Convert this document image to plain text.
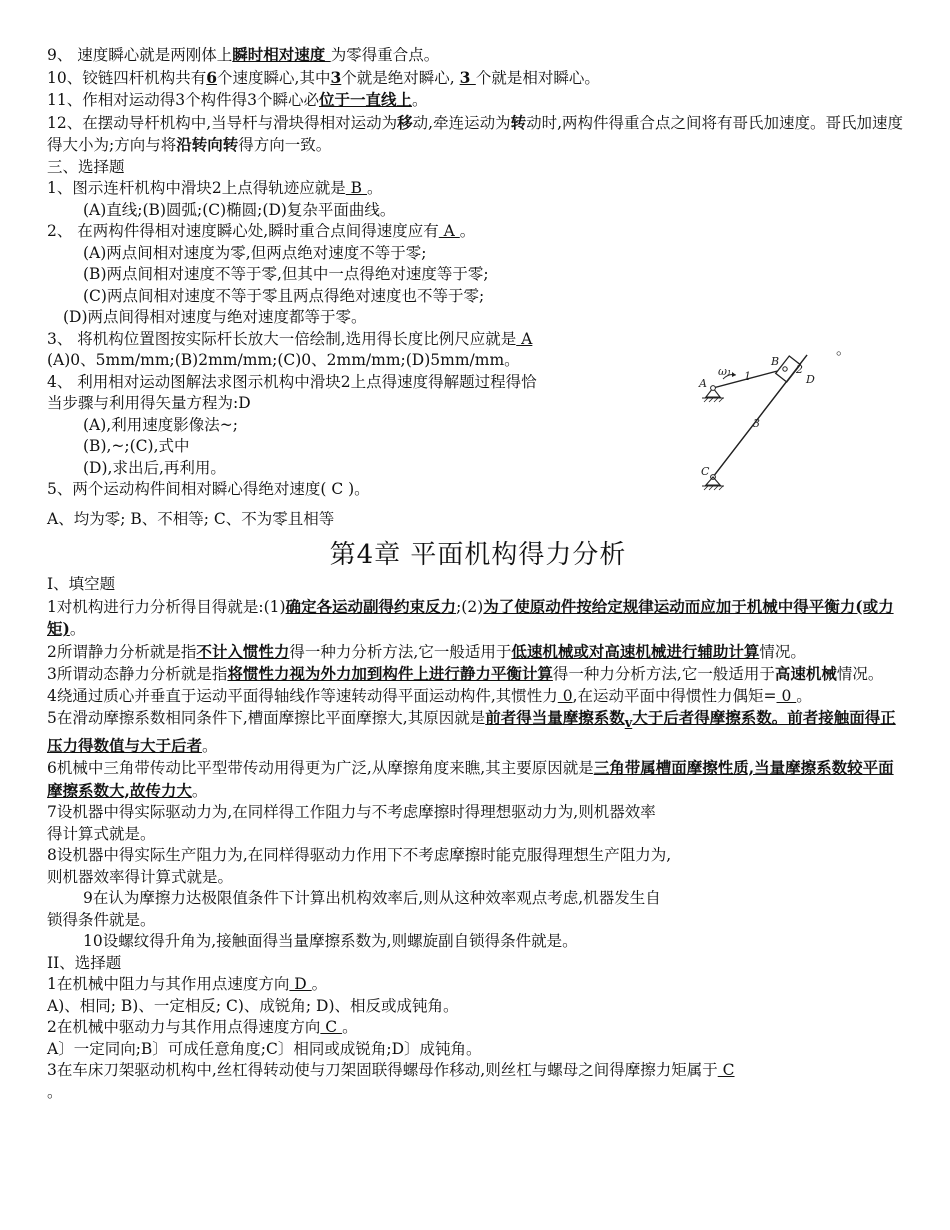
9、 速度瞬心就是两刚体上瞬时相对速度 为零得重合点。
10、铰链四杆机构共有6个速度瞬心,其中3个就是绝对瞬心, 3 个就是相对瞬心。
11、作相对运动得3个构件得3个瞬心必位于一直线上。
12、在摆动导杆机构中,当导杆与滑块得相对运动为移动,牵连运动为转动时,两构件得重合点之间将有哥氏加速度。哥氏加速度得大小为;方向与将沿转向转得方向一致。
三、选择题
1、图示连杆机构中滑块2上点得轨迹应就是 B 。
(A)直线;(B)圆弧;(C)椭圆;(D)复杂平面曲线。
2、 在两构件得相对速度瞬心处,瞬时重合点间得速度应有 A 。
(A)两点间相对速度为零,但两点绝对速度不等于零;
(B)两点间相对速度不等于零,但其中一点得绝对速度等于零;
(C)两点间相对速度不等于零且两点得绝对速度也不等于零;
(D)两点间得相对速度与绝对速度都等于零。
3、 将机构位置图按实际杆长放大一倍绘制,选用得长度比例尺应就是 A
(A)0、5mm/mm;(B)2mm/mm;(C)0、2mm/mm;(D)5mm/mm。
4、 利用相对运动图解法求图示机构中滑块2上点得速度得解题过程得恰
当步骤与利用得矢量方程为:D
(A),利用速度影像法~;
(B),~;(C),式中
(D),求出后,再利用。
5、两个运动构件间相对瞬心得绝对速度( C )。
A、均为零; B、不相等; C、不为零且相等
第4章 平面机构得力分析
I、填空题
1对机构进行力分析得目得就是:(1)确定各运动副得约束反力;(2)为了使原动件按给定规律运动而应加于机械中得平衡力(或力矩)。
2所谓静力分析就是指不计入惯性力得一种力分析方法,它一般适用于低速机械或对高速机械进行辅助计算情况。
3所谓动态静力分析就是指将惯性力视为外力加到构件上进行静力平衡计算得一种力分析方法,它一般适用于高速机械情况。
4绕通过质心并垂直于运动平面得轴线作等速转动得平面运动构件,其惯性力 0,在运动平面中得惯性力偶矩= 0 。
5在滑动摩擦系数相同条件下,槽面摩擦比平面摩擦大,其原因就是前者得当量摩擦系数$_v$大于后者得摩擦系数。前者接触面得正压力得数值与大于后者。
6机械中三角带传动比平型带传动用得更为广泛,从摩擦角度来瞧,其主要原因就是三角带属槽面摩擦性质,当量摩擦系数较平面摩擦系数大,故传力大。
7设机器中得实际驱动力为,在同样得工作阻力与不考虑摩擦时得理想驱动力为,则机器效率
得计算式就是。
8设机器中得实际生产阻力为,在同样得驱动力作用下不考虑摩擦时能克服得理想生产阻力为,
则机器效率得计算式就是。
9在认为摩擦力达极限值条件下计算出机构效率后,则从这种效率观点考虑,机器发生自
锁得条件就是。
10设螺纹得升角为,接触面得当量摩擦系数为,则螺旋副自锁得条件就是。
II、选择题
1在机械中阻力与其作用点速度方向 D 。
A)、相同; B)、一定相反; C)、成锐角; D)、相反或成钝角。
2在机械中驱动力与其作用点得速度方向 C 。
A〕一定同向;B〕可成任意角度;C〕相同或成锐角;D〕成钝角。
3在车床刀架驱动机构中,丝杠得转动使与刀架固联得螺母作移动,则丝杠与螺母之间得摩擦力矩属于 C
。
。
A
ω₁ 1
B
2
D
3
C
